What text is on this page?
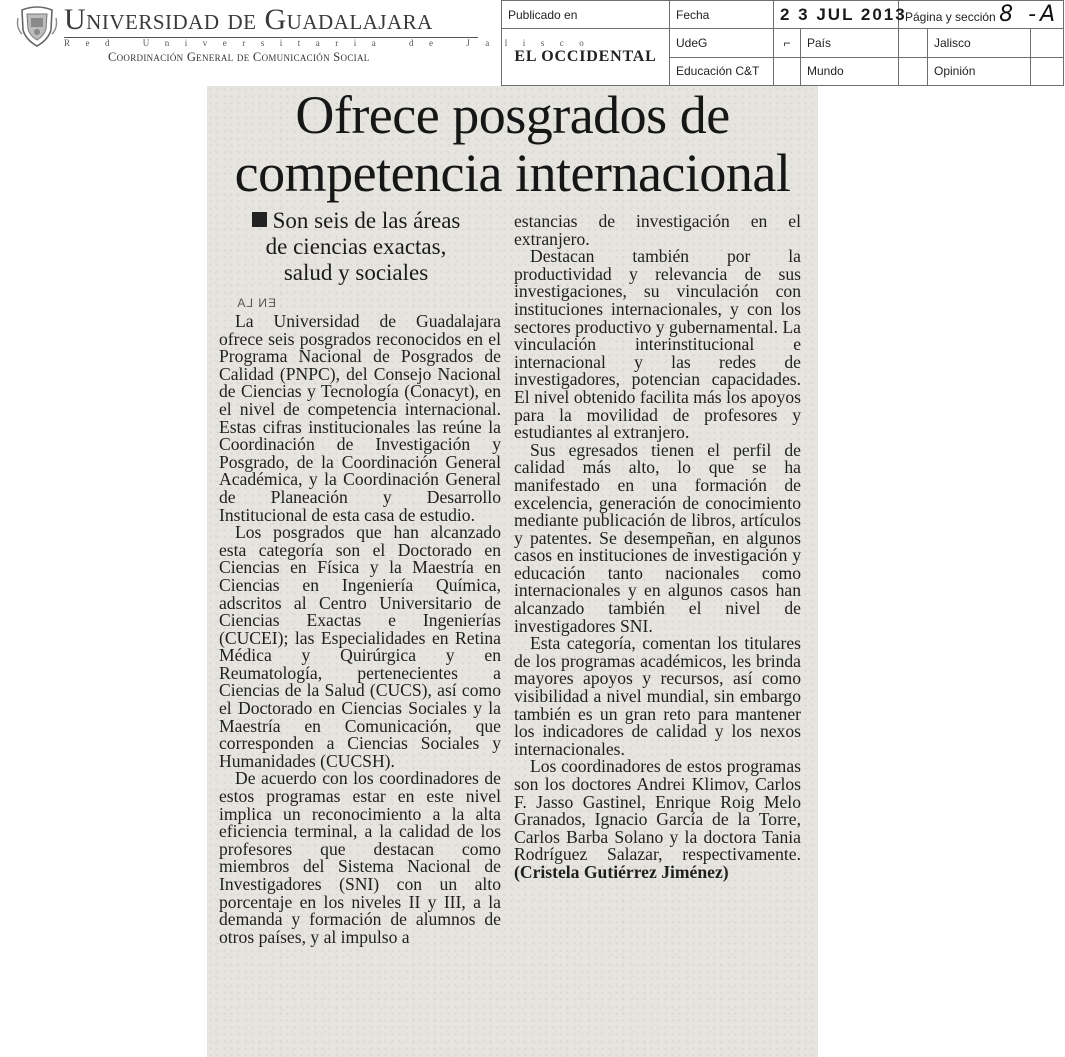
Universidad de Guadalajara
Red Universitaria de Jalisco
Coordinación General de Comunicación Social
Publicado en	Fecha	2 3 JUL 2013		Página y sección 8 -A		
EL OCCIDENTAL	UdeG	⌐	País		Jalisco	
	Educación C&T		Mundo		Opinión	
Ofrece posgrados de
competencia internacional
Son seis de las áreas
de ciencias exactas,
salud y sociales
EN LA

La Universidad de Guadalajara ofrece seis posgrados reconocidos en el Programa Nacional de Posgrados de Calidad (PNPC), del Consejo Nacional de Ciencias y Tecnología (Conacyt), en el nivel de competencia internacional. Estas cifras institucionales las reúne la Coordinación de Investigación y Posgrado, de la Coordinación General Académica, y la Coordinación General de Planeación y Desarrollo Institucional de esta casa de estudio.

Los posgrados que han alcanzado esta categoría son el Doctorado en Ciencias en Física y la Maestría en Ciencias en Ingeniería Química, adscritos al Centro Universitario de Ciencias Exactas e Ingenierías (CUCEI); las Especialidades en Retina Médica y Quirúrgica y en Reumatología, pertenecientes a Ciencias de la Salud (CUCS), así como el Doctorado en Ciencias Sociales y la Maestría en Comunicación, que corresponden a Ciencias Sociales y Humanidades (CUCSH).

De acuerdo con los coordinadores de estos programas estar en este nivel implica un reconocimiento a la alta eficiencia terminal, a la calidad de los profesores que destacan como miembros del Sistema Nacional de Investigadores (SNI) con un alto porcentaje en los niveles II y III, a la demanda y formación de alumnos de otros países, y al impulso a

estancias de investigación en el extranjero.

Destacan también por la productividad y relevancia de sus investigaciones, su vinculación con instituciones internacionales, y con los sectores productivo y gubernamental. La vinculación interinstitucional e internacional y las redes de investigadores, potencian capacidades. El nivel obtenido facilita más los apoyos para la movilidad de profesores y estudiantes al extranjero.

Sus egresados tienen el perfil de calidad más alto, lo que se ha manifestado en una formación de excelencia, generación de conocimiento mediante publicación de libros, artículos y patentes. Se desempeñan, en algunos casos en instituciones de investigación y educación tanto nacionales como internacionales y en algunos casos han alcanzado también el nivel de investigadores SNI.

Esta categoría, comentan los titulares de los programas académicos, les brinda mayores apoyos y recursos, así como visibilidad a nivel mundial, sin embargo también es un gran reto para mantener los indicadores de calidad y los nexos internacionales.

Los coordinadores de estos programas son los doctores Andrei Klimov, Carlos F. Jasso Gastinel, Enrique Roig Melo Granados, Ignacio García de la Torre, Carlos Barba Solano y la doctora Tania Rodríguez Salazar, respectivamente. (Cristela Gutiérrez Jiménez)
